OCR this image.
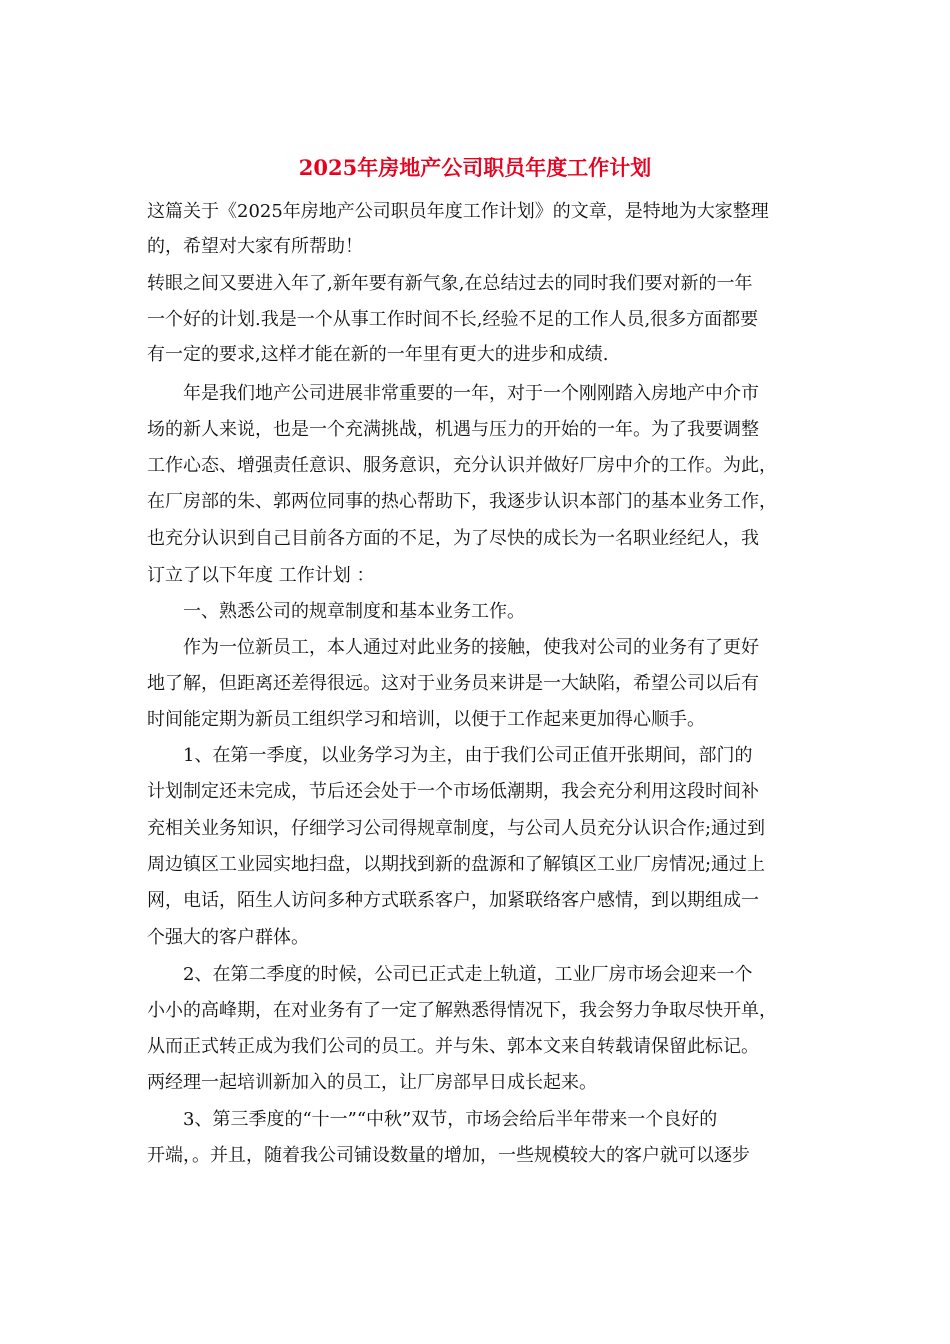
2025年房地产公司职员年度工作计划

这篇关于《2025年房地产公司职员年度工作计划》的文章，是特地为大家整理

的，希望对大家有所帮助！

转眼之间又要进入年了,新年要有新气象,在总结过去的同时我们要对新的一年

一个好的计划.我是一个从事工作时间不长,经验不足的工作人员,很多方面都要

有一定的要求,这样才能在新的一年里有更大的进步和成绩.

　　年是我们地产公司进展非常重要的一年，对于一个刚刚踏入房地产中介市

场的新人来说，也是一个充满挑战，机遇与压力的开始的一年。为了我要调整

工作心态、增强责任意识、服务意识，充分认识并做好厂房中介的工作。为此，

在厂房部的朱、郭两位同事的热心帮助下，我逐步认识本部门的基本业务工作，

也充分认识到自己目前各方面的不足，为了尽快的成长为一名职业经纪人，我

订立了以下年度 工作计划 ：

　　一、熟悉公司的规章制度和基本业务工作。

　　作为一位新员工，本人通过对此业务的接触，使我对公司的业务有了更好

地了解，但距离还差得很远。这对于业务员来讲是一大缺陷，希望公司以后有

时间能定期为新员工组织学习和培训，以便于工作起来更加得心顺手。

　　1、在第一季度，以业务学习为主，由于我们公司正值开张期间，部门的

计划制定还未完成，节后还会处于一个市场低潮期，我会充分利用这段时间补

充相关业务知识，仔细学习公司得规章制度，与公司人员充分认识合作;通过到

周边镇区工业园实地扫盘，以期找到新的盘源和了解镇区工业厂房情况;通过上

网，电话，陌生人访问多种方式联系客户，加紧联络客户感情，到以期组成一

个强大的客户群体。

　　2、在第二季度的时候，公司已正式走上轨道，工业厂房市场会迎来一个

小小的高峰期，在对业务有了一定了解熟悉得情况下，我会努力争取尽快开单，

从而正式转正成为我们公司的员工。并与朱、郭本文来自转载请保留此标记。

两经理一起培训新加入的员工，让厂房部早日成长起来。

　　3、第三季度的“十一”“中秋”双节，市场会给后半年带来一个良好的

开端，。并且，随着我公司铺设数量的增加，一些规模较大的客户就可以逐步
